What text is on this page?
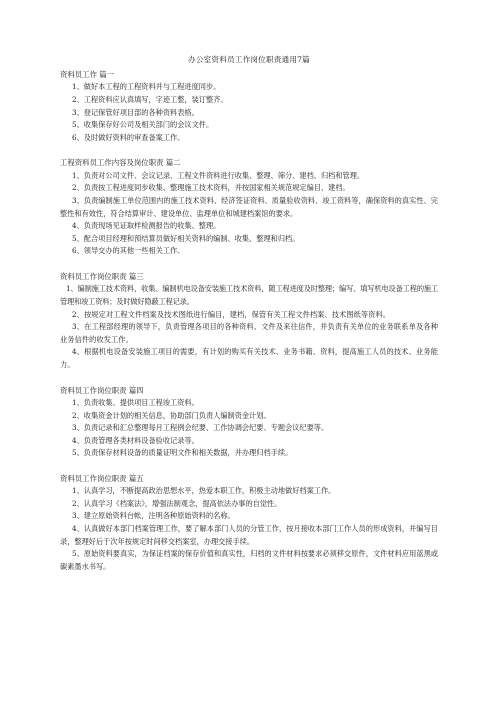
办公室资料员工作岗位职责通用7篇
资料员工作 篇一
1、做好本工程的工程资料并与工程进度同步。
2、工程资料应认真填写，字迹工整，装订整齐。
3、登记保管好项目部的各种资料表格。
5、收集保存好公司及相关部门的会议文件。
6、及时做好资料的审查备案工作。
工程资料员工作内容及岗位职责 篇二
1、负责对公司文件、会议记录、工程文件资料进行收集、整理、筛分、建档、归档和管理。
2、负责按工程进度同步收集、整理施工技术资料，并按国家相关规范规定编目、建档。
3、负责编制施工单位范围内的施工技术资料、经济签证资料、质量验收资料、竣工资料等，确保资料的真实性、完整性和有效性，符合结算审计、建设单位、监理单位和城建档案馆的要求。
4、负责现场见证取样检测报告的收集、整理。
5、配合项目经理和预结算员做好相关资料的编制、收集、整理和归档。
6、领导交办的其他一些相关工作。
资料员工作岗位职责 篇三
1、编制施工技术资料，收集、编制机电设备安装施工技术资料，随工程进度及时整理；编写、填写机电设备工程的施工管理和竣工资料；及时做好隐蔽工程记录。
2、按规定对工程文件档案及技术图纸进行编目，建档，保管有关工程文件档案、技术图纸等资料。
3、在工程部经理的领导下，负责管理各项目的各种资料、文件及来往信件，并负责有关单位的业务联系单及各种业务信件的收发工作。
4、根据机电设备安装施工项目的需要，有计划的购买有关技术、业务书籍、资料，提高施工人员的技术、业务能力。
资料员工作岗位职责 篇四
1、负责收集、提供项目工程竣工资料。
2、收集资金计划的相关信息，协助部门负责人编制资金计划。
3、负责记录和汇总整理每月工程例会纪要、工作协调会纪要、专题会议纪要等。
4、负责管理各类材料设备验收记录等。
5、负责保存材料设备的质量证明文件和相关数据，并办理归档手续。
资料员工作岗位职责 篇五
1、认真学习，不断提高政治思想水平，热爱本职工作，积极主动地做好档案工作。
2、认真学习《档案法》，增强法制观念，提高依法办事的自觉性。
3、建立原始资料台帐，注明各种原始资料的名称。
4、认真做好本部门档案管理工作，要了解本部门人员的分管工作，按月接收本部门工作人员的形成资料，并编写目录，整理好后于次年按规定时间移交档案室，办理交接手续。
5、原始资料要真实，为保证档案的保存价值和真实性，归档的文件材料按要求必须移交原件，文件材料应用蓝黑或碳素墨水书写。
